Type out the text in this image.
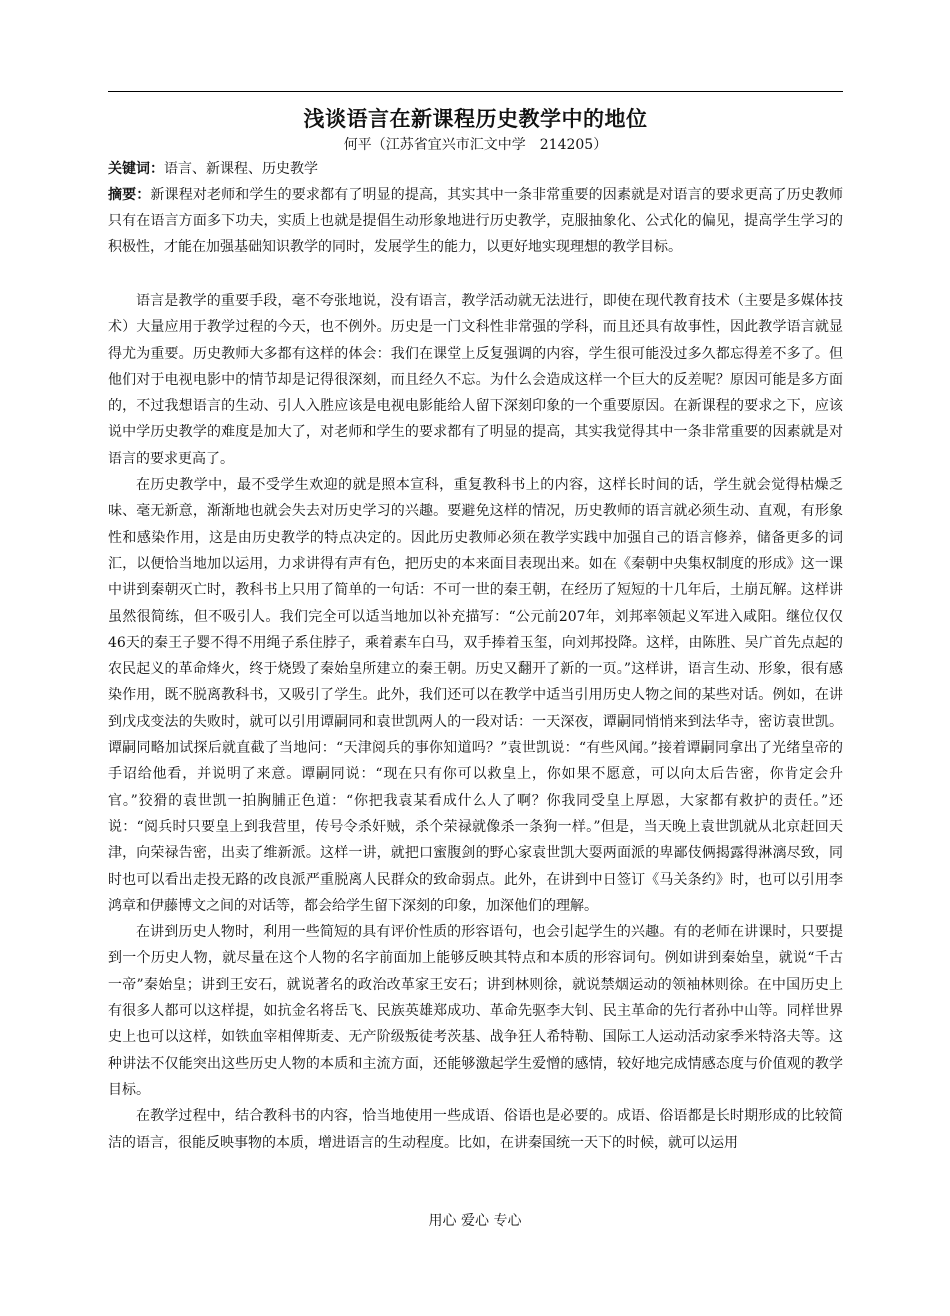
浅谈语言在新课程历史教学中的地位

何平（江苏省宜兴市汇文中学　214205）

关键词：语言、新课程、历史教学

摘要：新课程对老师和学生的要求都有了明显的提高，其实其中一条非常重要的因素就是对语言的要求更高了历史教师只有在语言方面多下功夫，实质上也就是提倡生动形象地进行历史教学，克服抽象化、公式化的偏见，提高学生学习的积极性，才能在加强基础知识教学的同时，发展学生的能力，以更好地实现理想的教学目标。

语言是教学的重要手段，毫不夸张地说，没有语言，教学活动就无法进行，即使在现代教育技术（主要是多媒体技术）大量应用于教学过程的今天，也不例外。历史是一门文科性非常强的学科，而且还具有故事性，因此教学语言就显得尤为重要。历史教师大多都有这样的体会：我们在课堂上反复强调的内容，学生很可能没过多久都忘得差不多了。但他们对于电视电影中的情节却是记得很深刻，而且经久不忘。为什么会造成这样一个巨大的反差呢？原因可能是多方面的，不过我想语言的生动、引人入胜应该是电视电影能给人留下深刻印象的一个重要原因。在新课程的要求之下，应该说中学历史教学的难度是加大了，对老师和学生的要求都有了明显的提高，其实我觉得其中一条非常重要的因素就是对语言的要求更高了。

在历史教学中，最不受学生欢迎的就是照本宣科，重复教科书上的内容，这样长时间的话，学生就会觉得枯燥乏味、毫无新意，渐渐地也就会失去对历史学习的兴趣。要避免这样的情况，历史教师的语言就必须生动、直观，有形象性和感染作用，这是由历史教学的特点决定的。因此历史教师必须在教学实践中加强自己的语言修养，储备更多的词汇，以便恰当地加以运用，力求讲得有声有色，把历史的本来面目表现出来。如在《秦朝中央集权制度的形成》这一课中讲到秦朝灭亡时，教科书上只用了简单的一句话：不可一世的秦王朝，在经历了短短的十几年后，土崩瓦解。这样讲虽然很简练，但不吸引人。我们完全可以适当地加以补充描写：“公元前207年，刘邦率领起义军进入咸阳。继位仅仅46天的秦王子婴不得不用绳子系住脖子，乘着素车白马，双手捧着玉玺，向刘邦投降。这样，由陈胜、吴广首先点起的农民起义的革命烽火，终于烧毁了秦始皇所建立的秦王朝。历史又翻开了新的一页。”这样讲，语言生动、形象，很有感染作用，既不脱离教科书，又吸引了学生。此外，我们还可以在教学中适当引用历史人物之间的某些对话。例如，在讲到戊戌变法的失败时，就可以引用谭嗣同和袁世凯两人的一段对话：一天深夜，谭嗣同悄悄来到法华寺，密访袁世凯。谭嗣同略加试探后就直截了当地问：“天津阅兵的事你知道吗？”袁世凯说：“有些风闻。”接着谭嗣同拿出了光绪皇帝的手诏给他看，并说明了来意。谭嗣同说：“现在只有你可以救皇上，你如果不愿意，可以向太后告密，你肯定会升官。”狡猾的袁世凯一拍胸脯正色道：“你把我袁某看成什么人了啊？你我同受皇上厚恩，大家都有救护的责任。”还说：“阅兵时只要皇上到我营里，传号令杀奸贼，杀个荣禄就像杀一条狗一样。”但是，当天晚上袁世凯就从北京赶回天津，向荣禄告密，出卖了维新派。这样一讲，就把口蜜腹剑的野心家袁世凯大耍两面派的卑鄙伎俩揭露得淋漓尽致，同时也可以看出走投无路的改良派严重脱离人民群众的致命弱点。此外，在讲到中日签订《马关条约》时，也可以引用李鸿章和伊藤博文之间的对话等，都会给学生留下深刻的印象，加深他们的理解。

在讲到历史人物时，利用一些简短的具有评价性质的形容语句，也会引起学生的兴趣。有的老师在讲课时，只要提到一个历史人物，就尽量在这个人物的名字前面加上能够反映其特点和本质的形容词句。例如讲到秦始皇，就说“千古一帝”秦始皇；讲到王安石，就说著名的政治改革家王安石；讲到林则徐，就说禁烟运动的领袖林则徐。在中国历史上有很多人都可以这样提，如抗金名将岳飞、民族英雄郑成功、革命先驱李大钊、民主革命的先行者孙中山等。同样世界史上也可以这样，如铁血宰相俾斯麦、无产阶级叛徒考茨基、战争狂人希特勒、国际工人运动活动家季米特洛夫等。这种讲法不仅能突出这些历史人物的本质和主流方面，还能够激起学生爱憎的感情，较好地完成情感态度与价值观的教学目标。

在教学过程中，结合教科书的内容，恰当地使用一些成语、俗语也是必要的。成语、俗语都是长时期形成的比较简洁的语言，很能反映事物的本质，增进语言的生动程度。比如，在讲秦国统一天下的时候，就可以运用

用心 爱心 专心
